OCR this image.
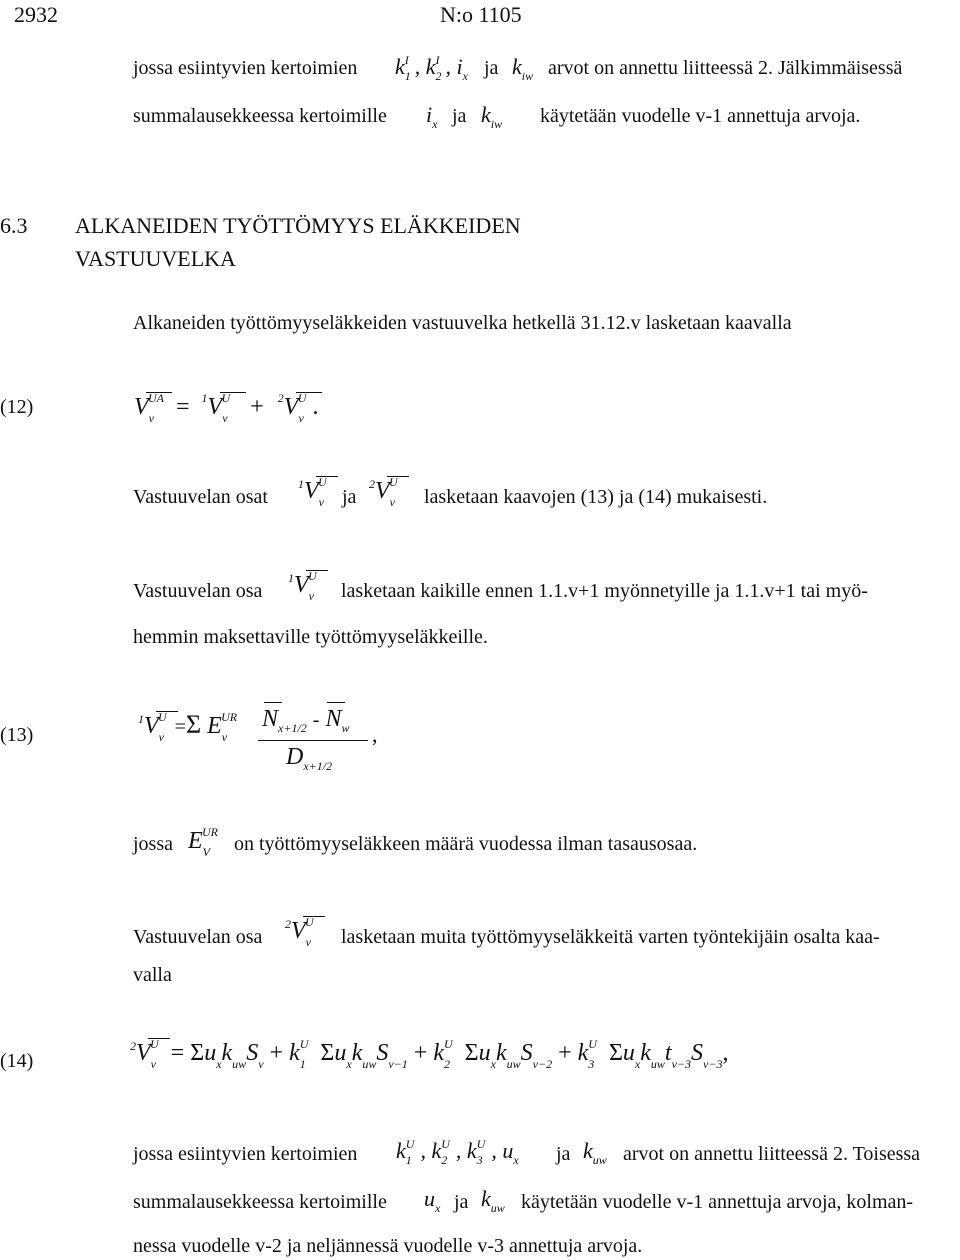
2932	N:o 1105
jossa esiintyvien kertoimien $k^I_1$ , $k^I_2$ , $i_x$ ja $k_{iw}$ arvot on annettu liitteessä 2. Jälkimmäisessä
summalausekkeessa kertoimille $i_x$ ja $k_{iw}$ käytetään vuodelle v-1 annettuja arvoja.
6.3 ALKANEIDEN TYÖTTÖMYYS ELÄKKEIDEN
VASTUUVELKA
Alkaneiden työttömyyseläkkeiden vastuuvelka hetkellä 31.12.v lasketaan kaavalla
(12)	$V_v^{UA} = ^1$
$V_v^U + ^2$
$V_v^U$ .
Vastuuvelan osat
$^1$
$V_v^U$
ja
$^2$
$V_v^U$
lasketaan kaavojen (13) ja (14) mukaisesti.
Vastuuvelan osa
$^1$
$V_v^U$
lasketaan kaikille ennen 1.1.v+1 myönnetyille ja 1.1.v+1 tai myö-
hemmin maksettaville työttömyyseläkkeille.
(13)
$^1$
$V_v^U =\Sigma$ $E_v^{UR}$ $N_{x+1/2} - N_w$ ,
$D_{x+1/2}$
jossa $E_V^{UR}$
on työttömyyseläkkeen määrä vuodessa ilman tasausosaa.
Vastuuvelan osa
$^2$
$V_v^U$
lasketaan muita työttömyyseläkkeitä varten työntekijäin osalta kaa-
valla
(14)
$^2$
$V_v^U = \Sigma u_xk_{uw}S_v + k_1^U$ $\Sigma u_xk_{uw}S_{v-1} + k_2^U$ $\Sigma u_xk_{uw}S_{v-2} + k_3^U$ $\Sigma u_xk_{uw}t_{v-3}S_{v-3}$,
jossa esiintyvien kertoimien $k_1^U$ , $k_2^U$ , $k_3^U$ , $u_x$ ja $k_{uw}$ arvot on annettu liitteessä 2. Toisessa
summalausekkeessa kertoimille $u_x$ ja $k_{uw}$ käytetään vuodelle v-1 annettuja arvoja, kolman-
nessa vuodelle v-2 ja neljännessä vuodelle v-3 annettuja arvoja.
